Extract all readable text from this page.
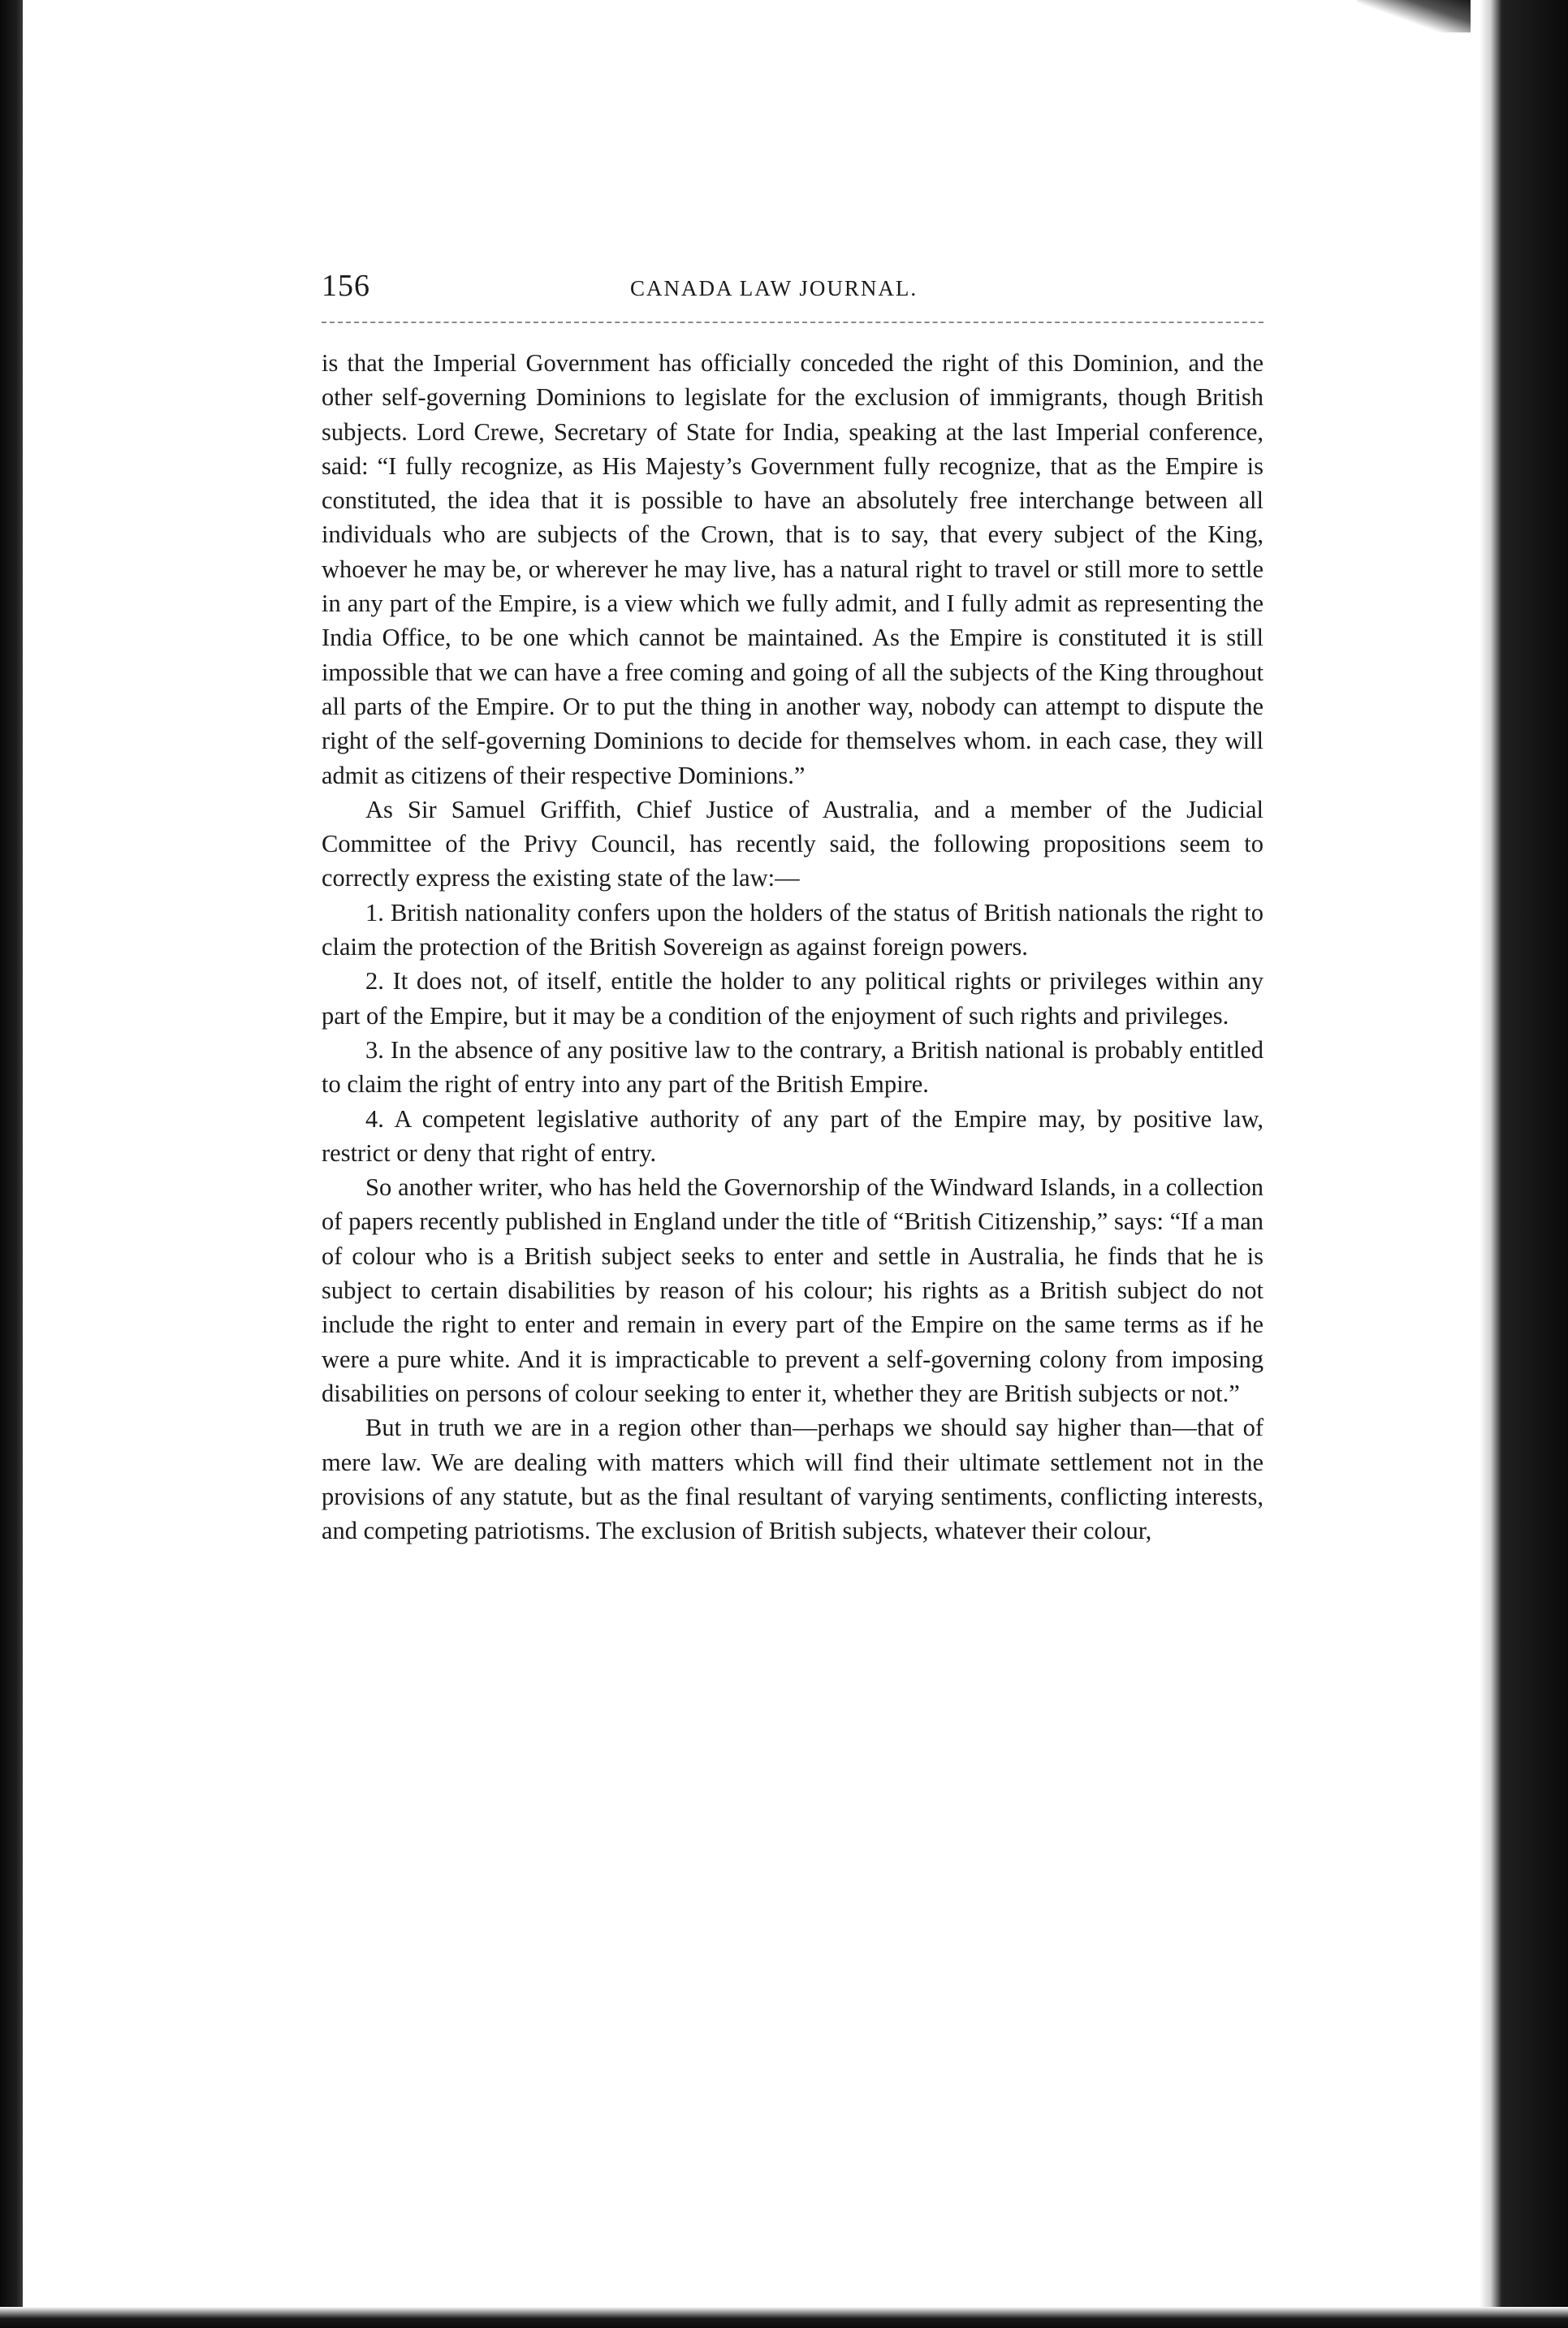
156	CANADA LAW JOURNAL.

is that the Imperial Government has officially conceded the right of this Dominion, and the other self-governing Dominions to legislate for the exclusion of immigrants, though British subjects. Lord Crewe, Secretary of State for India, speaking at the last Imperial conference, said: “I fully recognize, as His Majesty’s Government fully recognize, that as the Empire is constituted, the idea that it is possible to have an absolutely free interchange between all individuals who are subjects of the Crown, that is to say, that every subject of the King, whoever he may be, or wherever he may live, has a natural right to travel or still more to settle in any part of the Empire, is a view which we fully admit, and I fully admit as representing the India Office, to be one which cannot be maintained. As the Empire is constituted it is still impossible that we can have a free coming and going of all the subjects of the King throughout all parts of the Empire. Or to put the thing in another way, nobody can attempt to dispute the right of the self-governing Dominions to decide for themselves whom. in each case, they will admit as citizens of their respective Dominions.”

As Sir Samuel Griffith, Chief Justice of Australia, and a member of the Judicial Committee of the Privy Council, has recently said, the following propositions seem to correctly express the existing state of the law:—

1. British nationality confers upon the holders of the status of British nationals the right to claim the protection of the British Sovereign as against foreign powers.

2. It does not, of itself, entitle the holder to any political rights or privileges within any part of the Empire, but it may be a condition of the enjoyment of such rights and privileges.

3. In the absence of any positive law to the contrary, a British national is probably entitled to claim the right of entry into any part of the British Empire.

4. A competent legislative authority of any part of the Empire may, by positive law, restrict or deny that right of entry.

So another writer, who has held the Governorship of the Windward Islands, in a collection of papers recently published in England under the title of “British Citizenship,” says: “If a man of colour who is a British subject seeks to enter and settle in Australia, he finds that he is subject to certain disabilities by reason of his colour; his rights as a British subject do not include the right to enter and remain in every part of the Empire on the same terms as if he were a pure white. And it is impracticable to prevent a self-governing colony from imposing disabilities on persons of colour seeking to enter it, whether they are British subjects or not.”

But in truth we are in a region other than—perhaps we should say higher than—that of mere law. We are dealing with matters which will find their ultimate settlement not in the provisions of any statute, but as the final resultant of varying sentiments, conflicting interests, and competing patriotisms. The exclusion of British subjects, whatever their colour,
